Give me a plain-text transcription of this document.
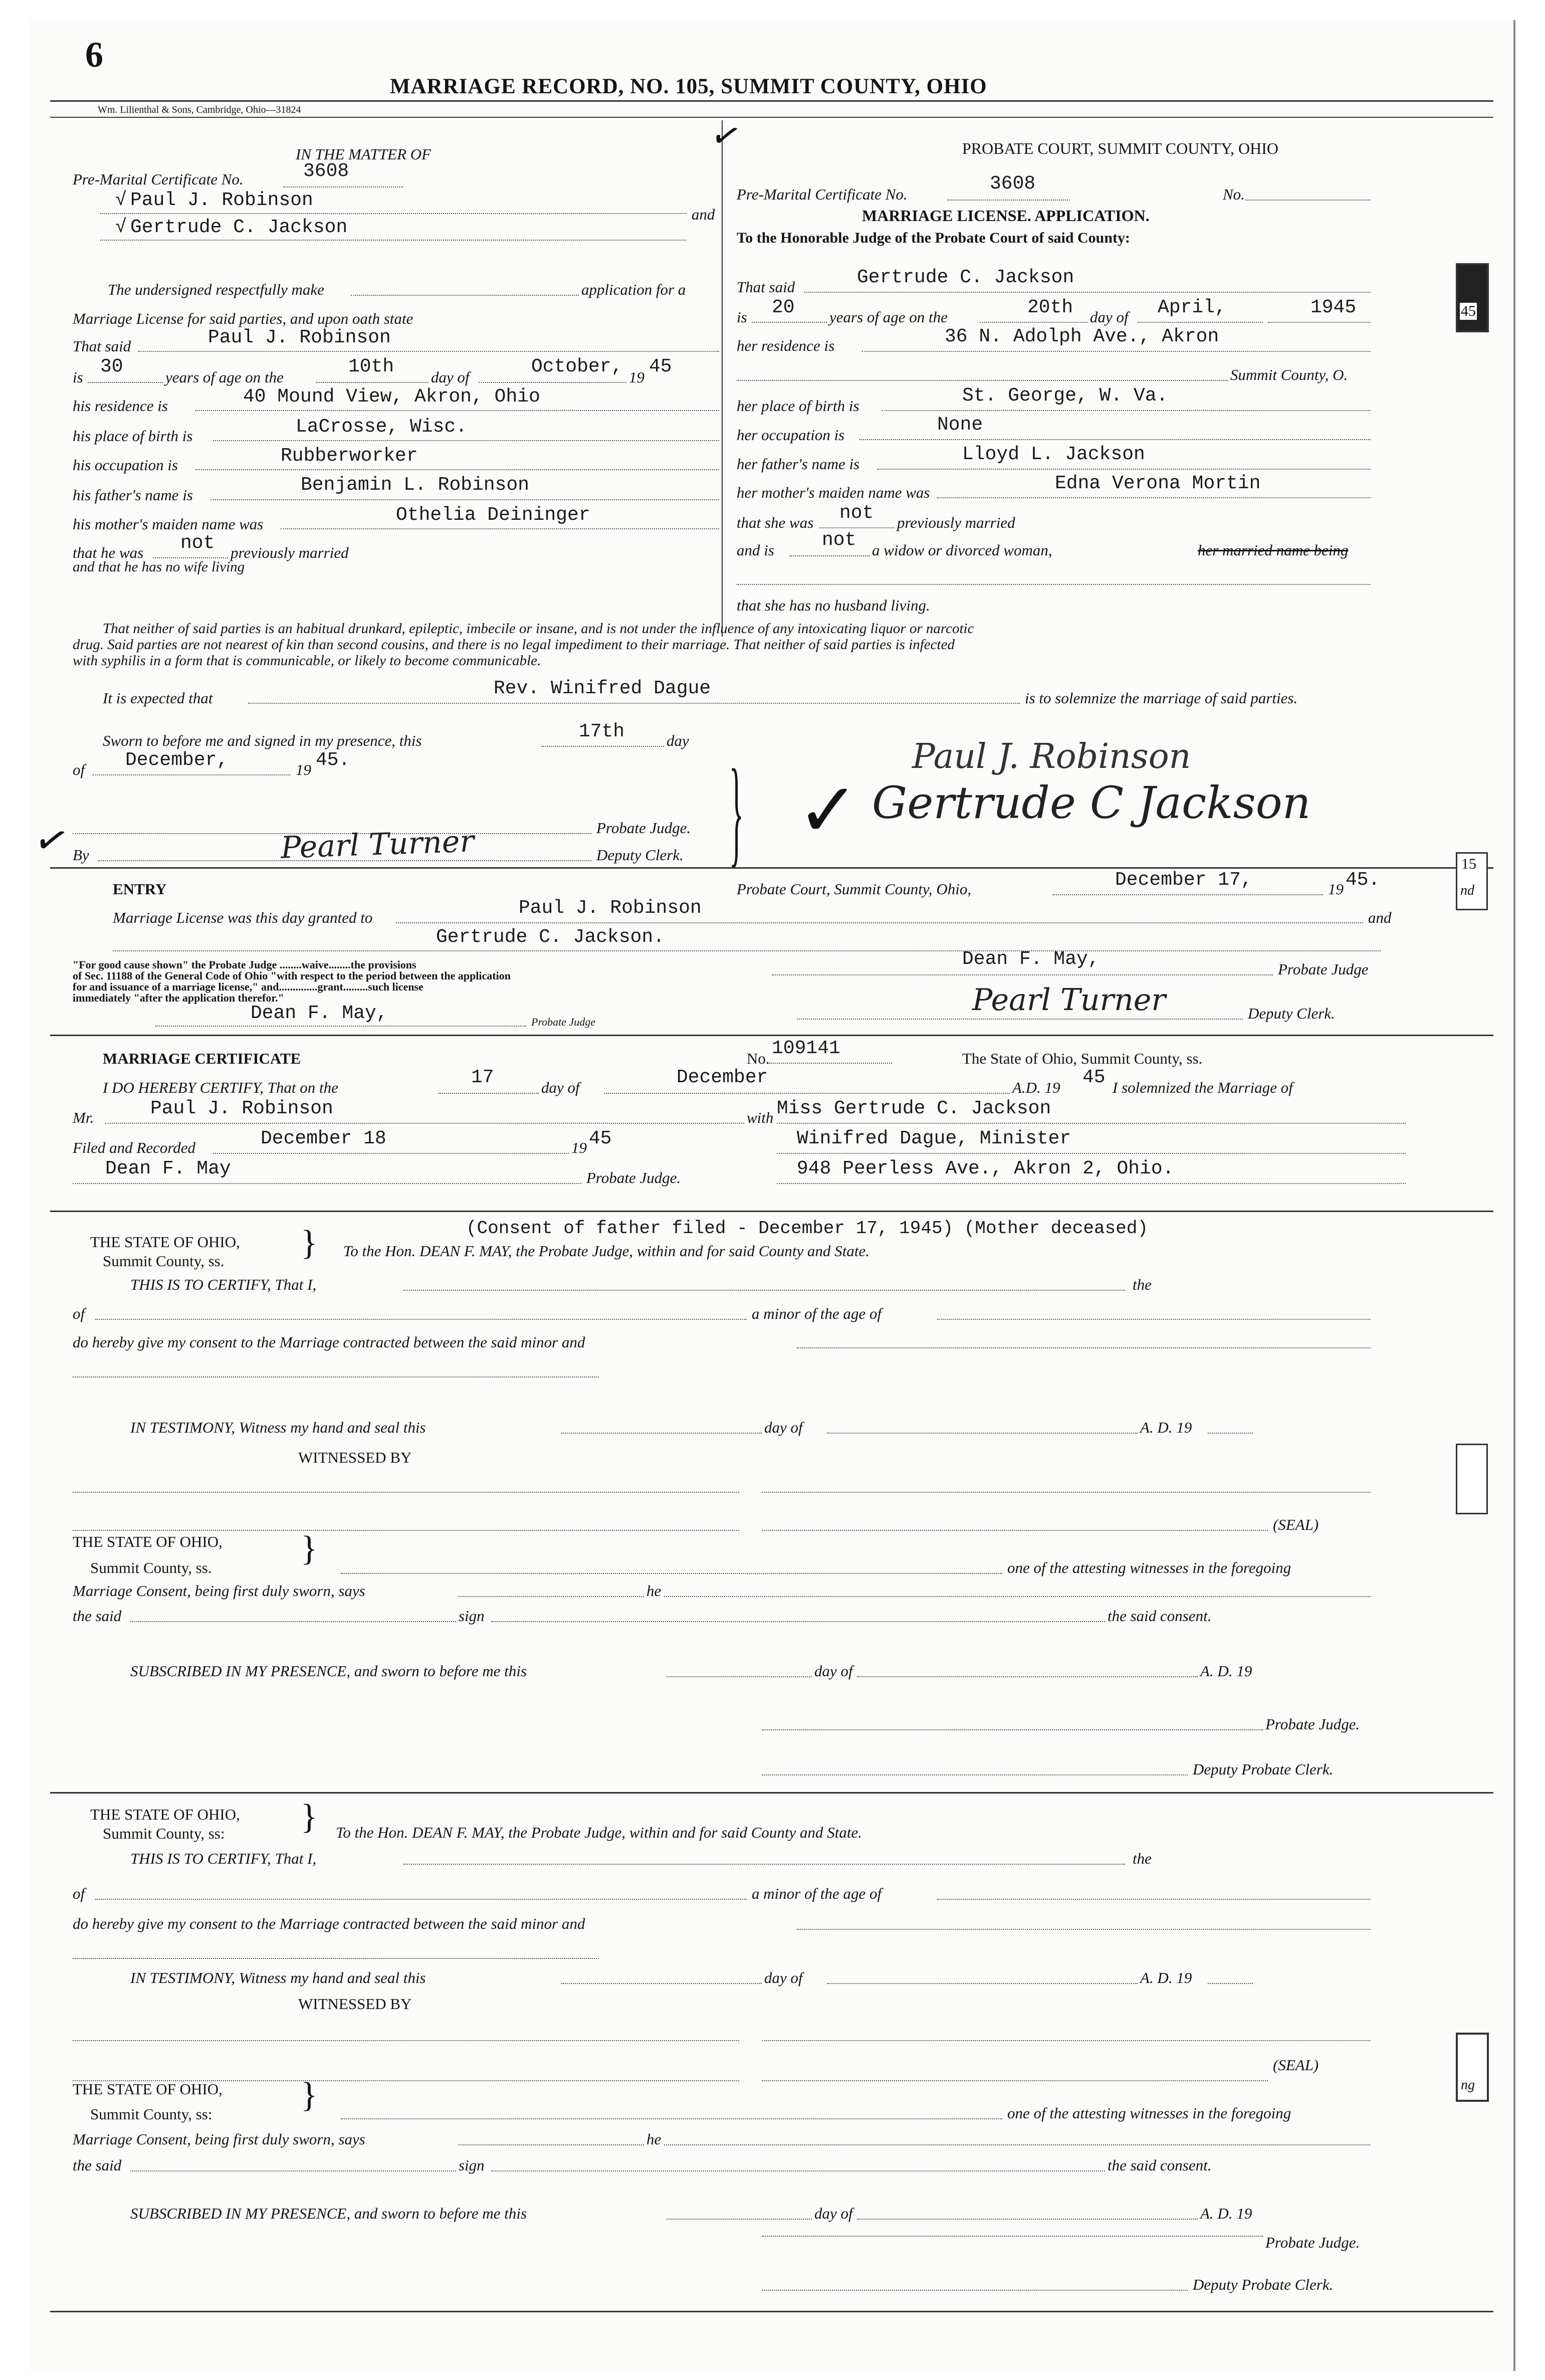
6
MARRIAGE RECORD, NO. 105, SUMMIT COUNTY, OHIO
Wm. Lilienthal & Sons, Cambridge, Ohio—31824
✓
IN THE MATTER OF
Pre-Marital Certificate No.	3608
√ Paul J. Robinson
and
√ Gertrude C. Jackson
The undersigned respectfully make	application for a
Marriage License for said parties, and upon oath state
That said	Paul J. Robinson
is 30	years of age on the	10th day of	October, 19 45
his residence is	40 Mound View, Akron, Ohio
his place of birth is	LaCrosse, Wisc.
his occupation is	Rubberworker
his father's name is	Benjamin L. Robinson
his mother's maiden name was	Othelia Deininger
that he was not previously married
and that he has no wife living
PROBATE COURT, SUMMIT COUNTY, OHIO
Pre-Marital Certificate No.	3608	No.
MARRIAGE LICENSE. APPLICATION.
To the Honorable Judge of the Probate Court of said County:
That said	Gertrude C. Jackson
is 20 years of age on the	20th day of April,	1945
her residence is	36 N. Adolph Ave., Akron
Summit County, O.
her place of birth is	St. George, W. Va.
her occupation is	None
her father's name is	Lloyd L. Jackson
her mother's maiden name was	Edna Verona Mortin
that she was not previously married
and is	not a widow or divorced woman,	her married name being
that she has no husband living.
That neither of said parties is an habitual drunkard, epileptic, imbecile or insane, and is not under the influence of any intoxicating liquor or narcotic
drug. Said parties are not nearest of kin than second cousins, and there is no legal impediment to their marriage. That neither of said parties is infected
with syphilis in a form that is communicable, or likely to become communicable.
It is expected that	Rev. Winifred Dague	is to solemnize the marriage of said parties.
Sworn to before me and signed in my presence, this	17th	day
of December,	19 45.
Probate Judge.
By	Pearl Turner	Deputy Clerk.
✓	}	Paul J. Robinson
Gertrude C Jackson
✓
ENTRY	Probate Court, Summit County, Ohio,	December 17,	19 45.
Marriage License was this day granted to	Paul J. Robinson	and
Gertrude C. Jackson.
"For good cause shown" the Probate Judge ........waive........the provisions
of Sec. 11188 of the General Code of Ohio "with respect to the period between the application
for and issuance of a marriage license," and..............grant.........such license
immediately "after the application therefor."
Dean F. May,	Probate Judge
Dean F. May,	Probate Judge
Pearl Turner	Deputy Clerk.
MARRIAGE CERTIFICATE	No. 109141	The State of Ohio, Summit County, ss.
I DO HEREBY CERTIFY, That on the	17	day of	December	A.D. 19 45 I solemnized the Marriage of
Mr.	Paul J. Robinson	with Miss Gertrude C. Jackson
Filed and Recorded	December 18	19 45	Winifred Dague, Minister
Dean F. May	Probate Judge.	948 Peerless Ave., Akron 2, Ohio.
(Consent of father filed - December 17, 1945) (Mother deceased)
THE STATE OF OHIO,
Summit County, ss. } To the Hon. DEAN F. MAY, the Probate Judge, within and for said County and State.
THIS IS TO CERTIFY, That I,	the
of	a minor of the age of
do hereby give my consent to the Marriage contracted between the said minor and
IN TESTIMONY, Witness my hand and seal this	day of	A. D. 19
WITNESSED BY
(SEAL)
THE STATE OF OHIO,
Summit County, ss.	}	one of the attesting witnesses in the foregoing
Marriage Consent, being first duly sworn, says	he
the said	sign	the said consent.
SUBSCRIBED IN MY PRESENCE, and sworn to before me this	day of	A. D. 19
Probate Judge.
Deputy Probate Clerk.
THE STATE OF OHIO,
Summit County, ss: } To the Hon. DEAN F. MAY, the Probate Judge, within and for said County and State.
THIS IS TO CERTIFY, That I,	the
of	a minor of the age of
do hereby give my consent to the Marriage contracted between the said minor and
IN TESTIMONY, Witness my hand and seal this	day of	A. D. 19
WITNESSED BY
(SEAL)
THE STATE OF OHIO,
Summit County, ss:	}	one of the attesting witnesses in the foregoing
Marriage Consent, being first duly sworn, says	he
the said	sign	the said consent.
SUBSCRIBED IN MY PRESENCE, and sworn to before me this	day of	A. D. 19
Probate Judge.
Deputy Probate Clerk.
45
15
nd
ng
